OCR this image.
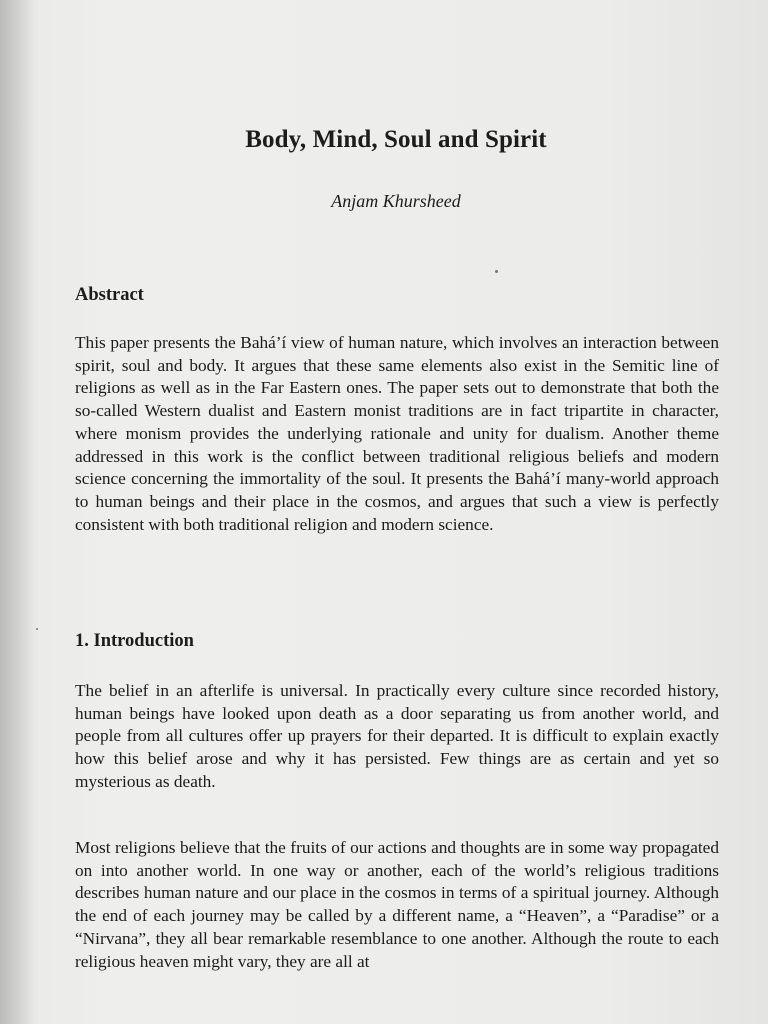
Body, Mind, Soul and Spirit

Anjam Khursheed

Abstract

This paper presents the Bahá’í view of human nature, which involves an interaction between spirit, soul and body. It argues that these same elements also exist in the Semitic line of religions as well as in the Far Eastern ones. The paper sets out to demonstrate that both the so-called Western dualist and Eastern monist traditions are in fact tripartite in character, where monism provides the underlying rationale and unity for dualism. Another theme addressed in this work is the conflict between traditional religious beliefs and modern science concerning the immortality of the soul. It presents the Bahá’í many-world approach to human beings and their place in the cosmos, and argues that such a view is perfectly consistent with both traditional religion and modern science.

1. Introduction

The belief in an afterlife is universal. In practically every culture since recorded history, human beings have looked upon death as a door separating us from another world, and people from all cultures offer up prayers for their departed. It is difficult to explain exactly how this belief arose and why it has persisted. Few things are as certain and yet so mysterious as death.

Most religions believe that the fruits of our actions and thoughts are in some way propagated on into another world. In one way or another, each of the world’s religious traditions describes human nature and our place in the cosmos in terms of a spiritual journey. Although the end of each journey may be called by a different name, a “Heaven”, a “Paradise” or a “Nirvana”, they all bear remarkable resemblance to one another. Although the route to each religious heaven might vary, they are all at
